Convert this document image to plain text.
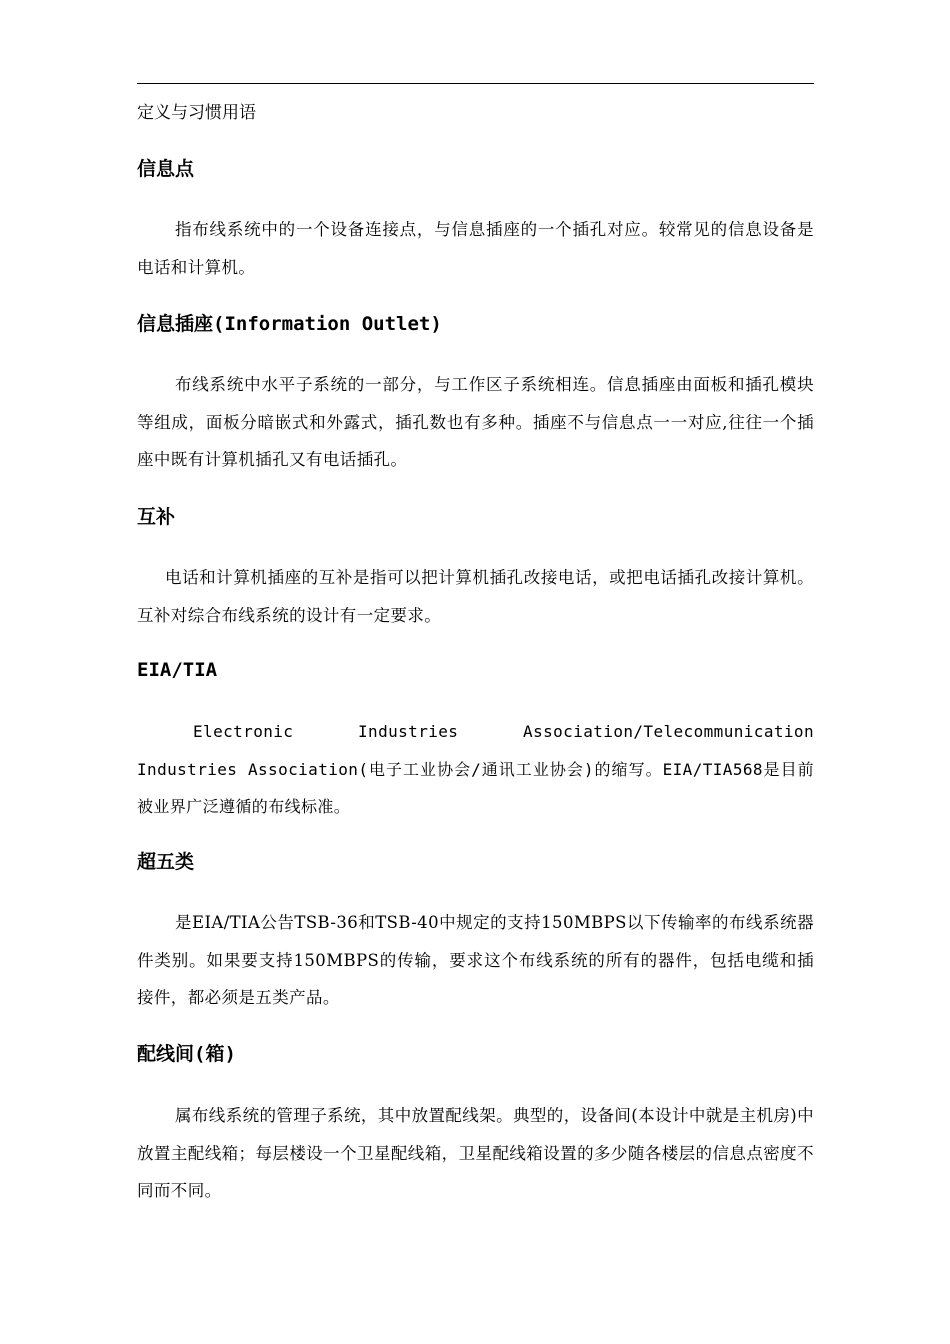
定义与习惯用语
信息点

指布线系统中的一个设备连接点，与信息插座的一个插孔对应。较常见的信息设备是电话和计算机。

信息插座(Information Outlet)

布线系统中水平子系统的一部分，与工作区子系统相连。信息插座由面板和插孔模块等组成，面板分暗嵌式和外露式，插孔数也有多种。插座不与信息点一一对应,往往一个插座中既有计算机插孔又有电话插孔。

互补

电话和计算机插座的互补是指可以把计算机插孔改接电话，或把电话插孔改接计算机。互补对综合布线系统的设计有一定要求。

EIA/TIA

Electronic Industries Association/Telecommunication Industries Association(电子工业协会/通讯工业协会)的缩写。EIA/TIA568是目前被业界广泛遵循的布线标准。

超五类

是EIA/TIA公告TSB-36和TSB-40中规定的支持150MBPS以下传输率的布线系统器件类别。如果要支持150MBPS的传输，要求这个布线系统的所有的器件，包括电缆和插接件，都必须是五类产品。

配线间(箱)

属布线系统的管理子系统，其中放置配线架。典型的，设备间(本设计中就是主机房)中放置主配线箱；每层楼设一个卫星配线箱，卫星配线箱设置的多少随各楼层的信息点密度不同而不同。
